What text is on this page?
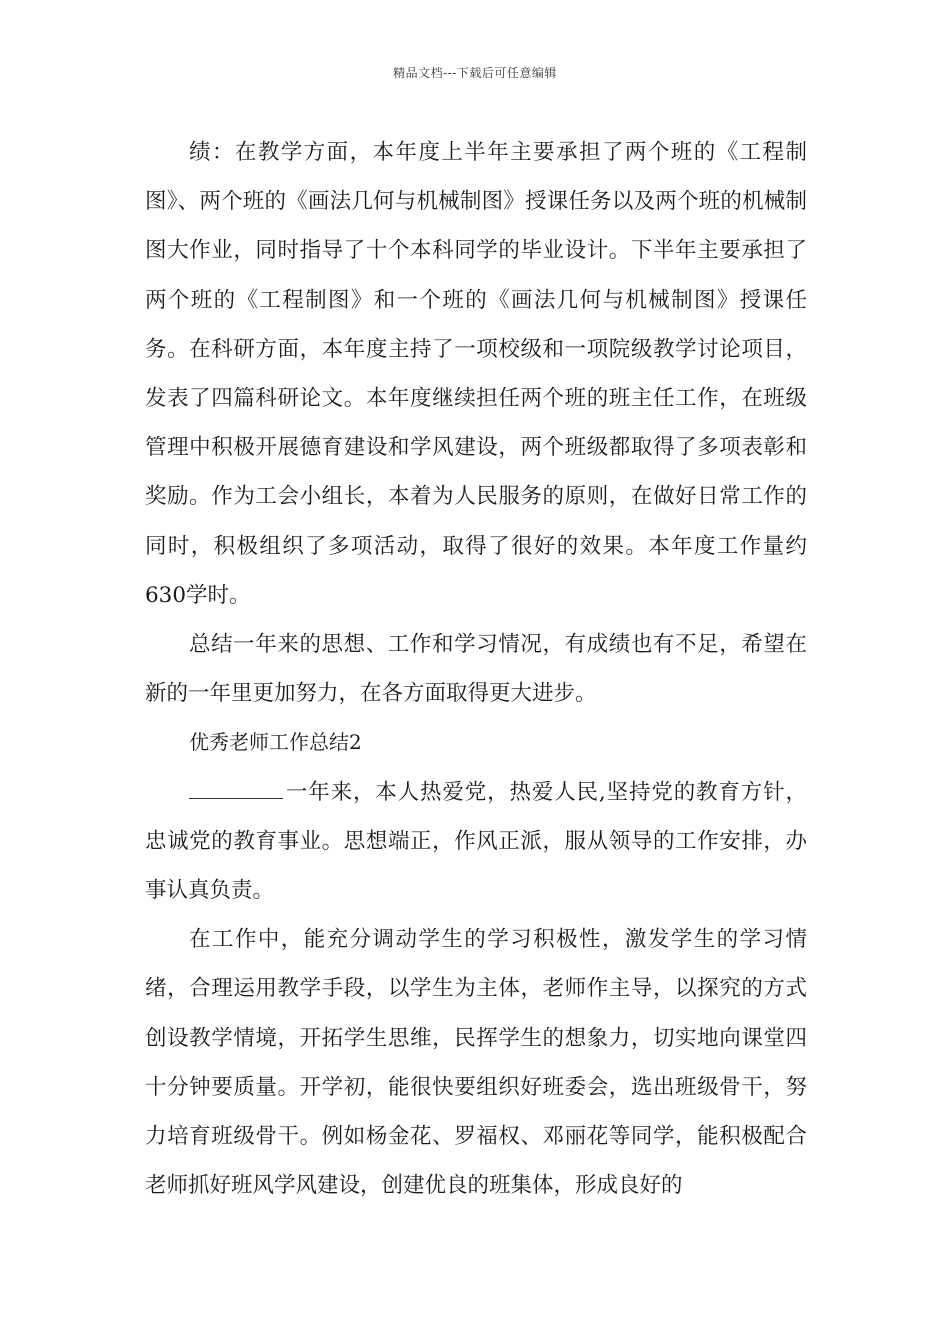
精品文档---下载后可任意编辑

绩：在教学方面，本年度上半年主要承担了两个班的《工程制图》、两个班的《画法几何与机械制图》授课任务以及两个班的机械制图大作业，同时指导了十个本科同学的毕业设计。下半年主要承担了两个班的《工程制图》和一个班的《画法几何与机械制图》授课任务。在科研方面，本年度主持了一项校级和一项院级教学讨论项目，发表了四篇科研论文。本年度继续担任两个班的班主任工作，在班级管理中积极开展德育建设和学风建设，两个班级都取得了多项表彰和奖励。作为工会小组长，本着为人民服务的原则，在做好日常工作的同时，积极组织了多项活动，取得了很好的效果。本年度工作量约630学时。

总结一年来的思想、工作和学习情况，有成绩也有不足，希望在新的一年里更加努力，在各方面取得更大进步。

优秀老师工作总结2

一年来，本人热爱党，热爱人民,坚持党的教育方针，忠诚党的教育事业。思想端正，作风正派，服从领导的工作安排，办事认真负责。

在工作中，能充分调动学生的学习积极性，激发学生的学习情绪，合理运用教学手段，以学生为主体，老师作主导，以探究的方式创设教学情境，开拓学生思维，民挥学生的想象力，切实地向课堂四十分钟要质量。开学初，能很快要组织好班委会，选出班级骨干，努力培育班级骨干。例如杨金花、罗福权、邓丽花等同学，能积极配合老师抓好班风学风建设，创建优良的班集体，形成良好的
